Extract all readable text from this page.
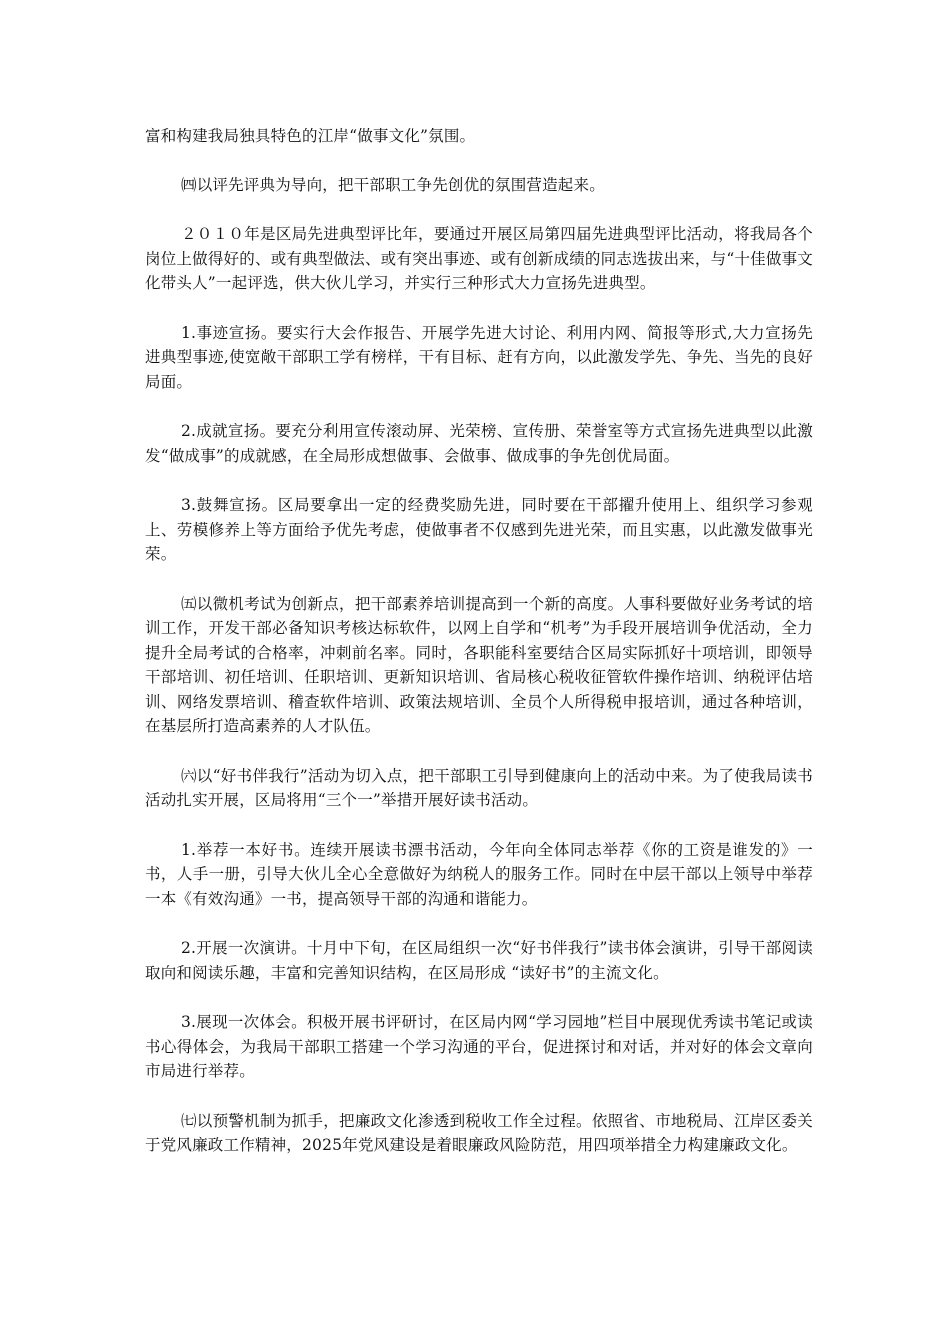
富和构建我局独具特色的江岸“做事文化”氛围。

㈣以评先评典为导向，把干部职工争先创优的氛围营造起来。

２０１０年是区局先进典型评比年，要通过开展区局第四届先进典型评比活动，将我局各个岗位上做得好的、或有典型做法、或有突出事迹、或有创新成绩的同志选拔出来，与“十佳做事文化带头人”一起评选，供大伙儿学习，并实行三种形式大力宣扬先进典型。

1.事迹宣扬。要实行大会作报告、开展学先进大讨论、利用内网、简报等形式,大力宣扬先进典型事迹,使宽敞干部职工学有榜样，干有目标、赶有方向，以此激发学先、争先、当先的良好局面。

2.成就宣扬。要充分利用宣传滚动屏、光荣榜、宣传册、荣誉室等方式宣扬先进典型以此激发“做成事”的成就感，在全局形成想做事、会做事、做成事的争先创优局面。

3.鼓舞宣扬。区局要拿出一定的经费奖励先进，同时要在干部擢升使用上、组织学习参观上、劳模修养上等方面给予优先考虑，使做事者不仅感到先进光荣，而且实惠，以此激发做事光荣。

㈤以微机考试为创新点，把干部素养培训提高到一个新的高度。人事科要做好业务考试的培训工作，开发干部必备知识考核达标软件，以网上自学和“机考”为手段开展培训争优活动，全力提升全局考试的合格率，冲刺前名率。同时，各职能科室要结合区局实际抓好十项培训，即领导干部培训、初任培训、任职培训、更新知识培训、省局核心税收征管软件操作培训、纳税评估培训、网络发票培训、稽查软件培训、政策法规培训、全员个人所得税申报培训，通过各种培训，在基层所打造高素养的人才队伍。

㈥以“好书伴我行”活动为切入点，把干部职工引导到健康向上的活动中来。为了使我局读书活动扎实开展，区局将用“三个一”举措开展好读书活动。

1.举荐一本好书。连续开展读书漂书活动，今年向全体同志举荐《你的工资是谁发的》一书，人手一册，引导大伙儿全心全意做好为纳税人的服务工作。同时在中层干部以上领导中举荐一本《有效沟通》一书，提高领导干部的沟通和谐能力。

2.开展一次演讲。十月中下旬，在区局组织一次“好书伴我行”读书体会演讲，引导干部阅读取向和阅读乐趣，丰富和完善知识结构，在区局形成 “读好书”的主流文化。

3.展现一次体会。积极开展书评研讨，在区局内网“学习园地”栏目中展现优秀读书笔记或读书心得体会，为我局干部职工搭建一个学习沟通的平台，促进探讨和对话，并对好的体会文章向市局进行举荐。

㈦以预警机制为抓手，把廉政文化渗透到税收工作全过程。依照省、市地税局、江岸区委关于党风廉政工作精神，2025年党风建设是着眼廉政风险防范，用四项举措全力构建廉政文化。
